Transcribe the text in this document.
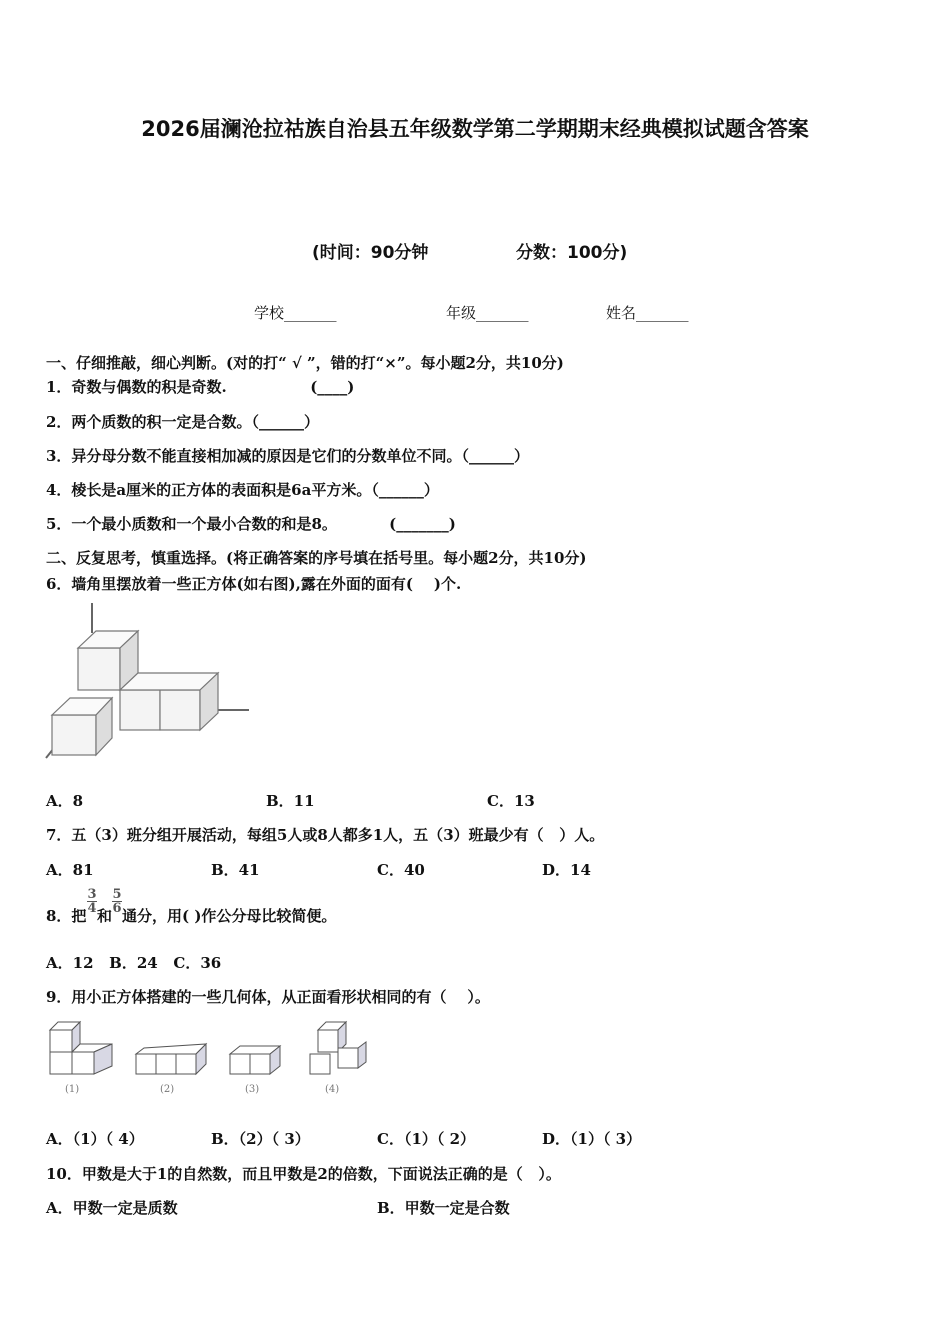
2026届澜沧拉祜族自治县五年级数学第二学期期末经典模拟试题含答案
(时间：90分钟	分数：100分)
学校_______	年级_______	姓名_______
一、仔细推敲，细心判断。(对的打“ √ ”，错的打“×”。每小题2分，共10分)
1．奇数与偶数的积是奇数.                (____)
2．两个质数的积一定是合数。（______）
3．异分母分数不能直接相加减的原因是它们的分数单位不同。（______）
4．棱长是a厘米的正方体的表面积是6a平方米。（______）
5．一个最小质数和一个最小合数的和是8。          (_______)
二、反复思考，慎重选择。(将正确答案的序号填在括号里。每小题2分，共10分)
6．墙角里摆放着一些正方体(如右图),露在外面的面有(    )个.
A．8	B．11	C．13
7．五（3）班分组开展活动，每组5人或8人都多1人，五（3）班最少有（   ）人。
A．81	B．41	C．40	D．14
8．把
$\frac{3}{4}$
和
$\frac{5}{6}$
通分，用( )作公分母比较简便。
A．12   B．24   C．36
9．用小正方体搭建的一些几何体，从正面看形状相同的有（    ）。
(1)	(2)	(3)	(4)
A．（1）（ 4）	B．（2）（ 3）	C．（1）（ 2）	D．（1）（ 3）
10．甲数是大于1的自然数，而且甲数是2的倍数，下面说法正确的是（   ）。
A．甲数一定是质数	B．甲数一定是合数
